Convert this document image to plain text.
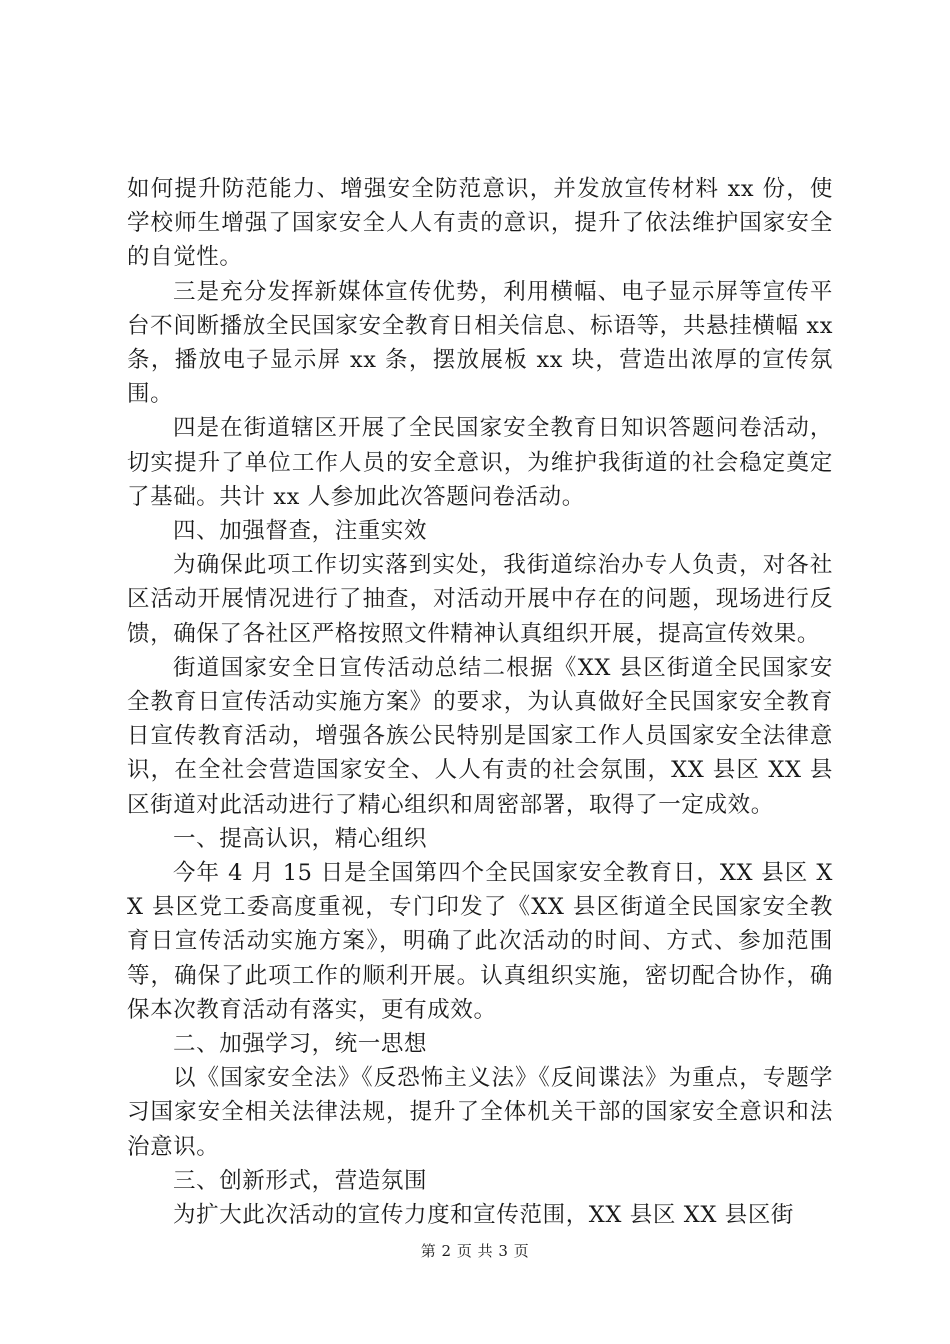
如何提升防范能力、增强安全防范意识，并发放宣传材料 xx 份，使学校师生增强了国家安全人人有责的意识，提升了依法维护国家安全的自觉性。

三是充分发挥新媒体宣传优势，利用横幅、电子显示屏等宣传平台不间断播放全民国家安全教育日相关信息、标语等，共悬挂横幅 xx 条，播放电子显示屏 xx 条，摆放展板 xx 块，营造出浓厚的宣传氛围。

四是在街道辖区开展了全民国家安全教育日知识答题问卷活动，切实提升了单位工作人员的安全意识，为维护我街道的社会稳定奠定了基础。共计 xx 人参加此次答题问卷活动。

四、加强督查，注重实效

为确保此项工作切实落到实处，我街道综治办专人负责，对各社区活动开展情况进行了抽查，对活动开展中存在的问题，现场进行反馈，确保了各社区严格按照文件精神认真组织开展，提高宣传效果。

街道国家安全日宣传活动总结二根据《XX 县区街道全民国家安全教育日宣传活动实施方案》的要求，为认真做好全民国家安全教育日宣传教育活动，增强各族公民特别是国家工作人员国家安全法律意识，在全社会营造国家安全、人人有责的社会氛围，XX 县区 XX 县区街道对此活动进行了精心组织和周密部署，取得了一定成效。

一、提高认识，精心组织

今年 4 月 15 日是全国第四个全民国家安全教育日，XX 县区 XX 县区党工委高度重视，专门印发了《XX 县区街道全民国家安全教育日宣传活动实施方案》，明确了此次活动的时间、方式、参加范围等，确保了此项工作的顺利开展。认真组织实施，密切配合协作，确保本次教育活动有落实，更有成效。

二、加强学习，统一思想

以《国家安全法》《反恐怖主义法》《反间谍法》为重点，专题学习国家安全相关法律法规，提升了全体机关干部的国家安全意识和法治意识。

三、创新形式，营造氛围

为扩大此次活动的宣传力度和宣传范围，XX 县区 XX 县区街

第 2 页 共 3 页
